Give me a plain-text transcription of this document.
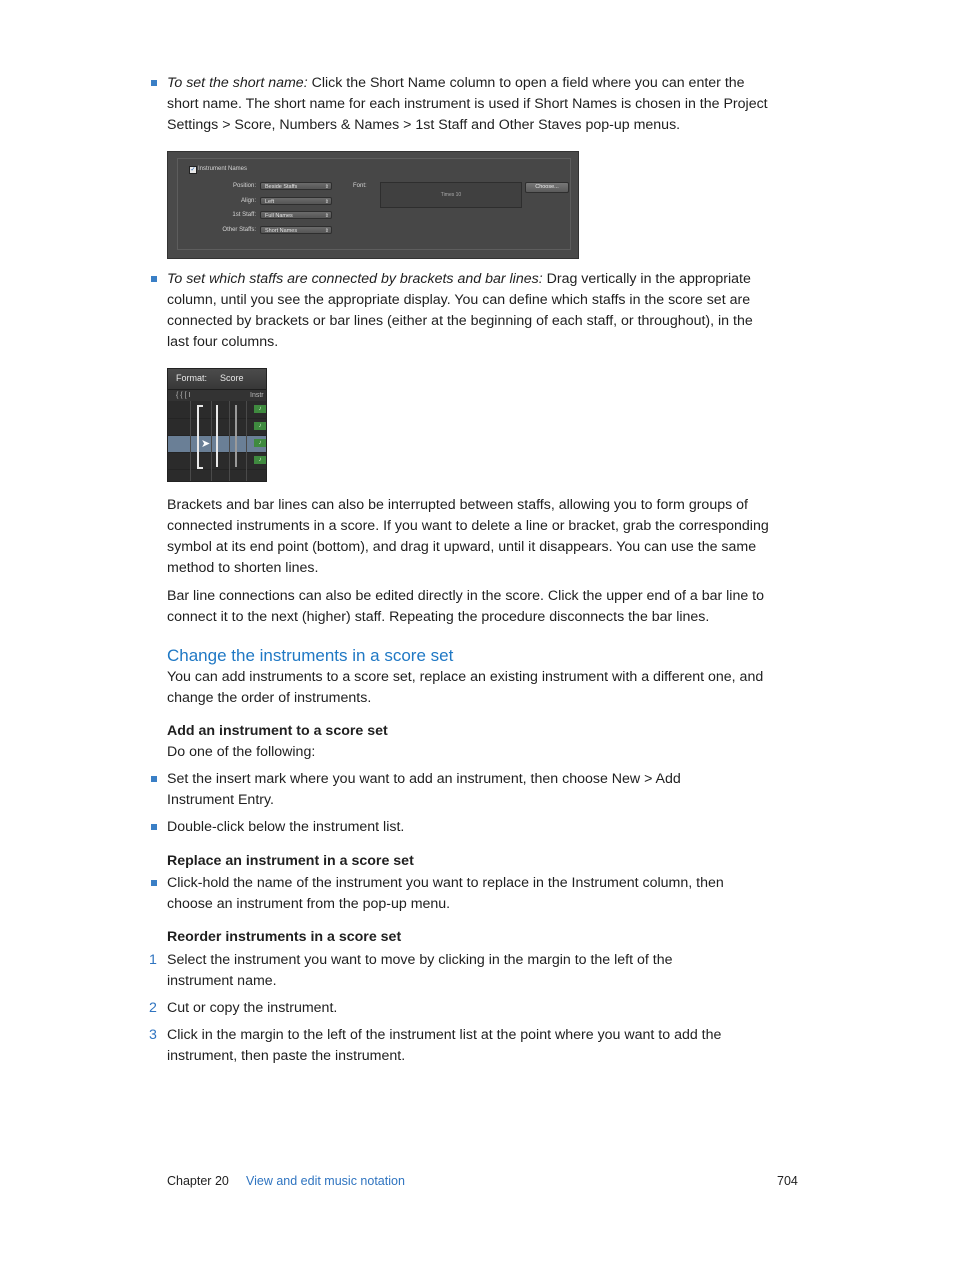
To set the short name: Click the Short Name column to open a field where you can enter the
short name. The short name for each instrument is used if Short Names is chosen in the Project
Settings > Score, Numbers & Names > 1st Staff and Other Staves pop-up menus.
✓ Instrument Names
Position:	Beside Staffs	⇕
Align:	Left	⇕
1st Staff:	Full Names	⇕
Other Staffs:	Short Names	⇕
Font:
Times 10
Choose...
To set which staffs are connected by brackets and bar lines: Drag vertically in the appropriate
column, until you see the appropriate display. You can define which staffs in the score set are
connected by brackets or bar lines (either at the beginning of each staff, or throughout), in the
last four columns.
Format: Score
{ { [ I	Instr
➤
♪
♪
♪
♪
Brackets and bar lines can also be interrupted between staffs, allowing you to form groups of
connected instruments in a score. If you want to delete a line or bracket, grab the corresponding
symbol at its end point (bottom), and drag it upward, until it disappears. You can use the same
method to shorten lines.
Bar line connections can also be edited directly in the score. Click the upper end of a bar line to
connect it to the next (higher) staff. Repeating the procedure disconnects the bar lines.
Change the instruments in a score set
You can add instruments to a score set, replace an existing instrument with a different one, and
change the order of instruments.
Add an instrument to a score set
Do one of the following:
Set the insert mark where you want to add an instrument, then choose New > Add
Instrument Entry.
Double-click below the instrument list.
Replace an instrument in a score set
Click-hold the name of the instrument you want to replace in the Instrument column, then
choose an instrument from the pop-up menu.
Reorder instruments in a score set
1 Select the instrument you want to move by clicking in the margin to the left of the
instrument name.
2 Cut or copy the instrument.
3 Click in the margin to the left of the instrument list at the point where you want to add the
instrument, then paste the instrument.
Chapter 20 View and edit music notation	704
